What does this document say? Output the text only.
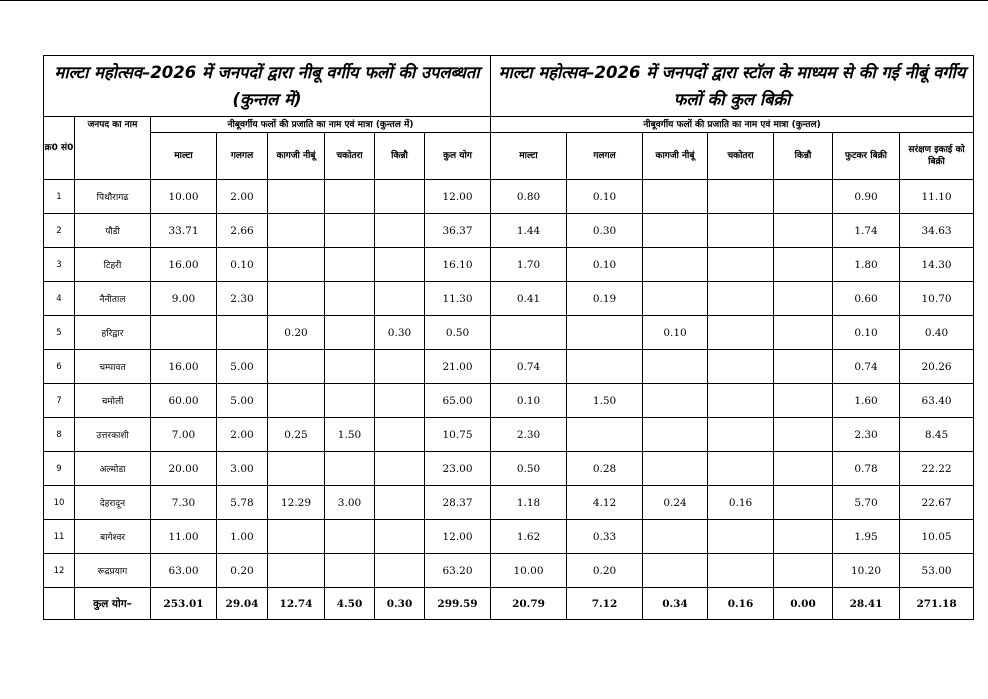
माल्टा महोत्सव–2026 में जनपदों द्वारा नीबू वर्गीय फलों की उपलब्धता (कुन्तल में)								माल्टा महोत्सव–2026 में जनपदों द्वारा स्टॉल के माध्यम से की गई नीबूं वर्गीय फलों की कुल बिक्री						
क्र0 सं0	जनपद का नाम	नीबूवर्गीय फलों की प्रजाति का नाम एवं मात्रा (कुन्तल में)						नीबूवर्गीय फलों की प्रजाति का नाम एवं मात्रा (कुन्तल)						
		माल्टा	गलगल	कागजी नीबूं	चकोतरा	किन्नौ	कुल योग	माल्टा	गलगल	कागजी नीबूं	चकोतरा	किन्नौ	फुटकर बिक्री	सरंक्षण इकाई को बिक्री
1	पिथौरागढ	10.00	2.00				12.00	0.80	0.10				0.90	11.10
2	पौडी	33.71	2.66				36.37	1.44	0.30				1.74	34.63
3	टिहरी	16.00	0.10				16.10	1.70	0.10				1.80	14.30
4	नैनीताल	9.00	2.30				11.30	0.41	0.19				0.60	10.70
5	हरिद्वार			0.20		0.30	0.50			0.10			0.10	0.40
6	चम्पावत	16.00	5.00				21.00	0.74					0.74	20.26
7	चमोली	60.00	5.00				65.00	0.10	1.50				1.60	63.40
8	उत्तरकाशी	7.00	2.00	0.25	1.50		10.75	2.30					2.30	8.45
9	अल्मोडा	20.00	3.00				23.00	0.50	0.28				0.78	22.22
10	देहरादून	7.30	5.78	12.29	3.00		28.37	1.18	4.12	0.24	0.16		5.70	22.67
11	बागेश्वर	11.00	1.00				12.00	1.62	0.33				1.95	10.05
12	रूद्रप्रयाग	63.00	0.20				63.20	10.00	0.20				10.20	53.00
	कुल योग–	253.01	29.04	12.74	4.50	0.30	299.59	20.79	7.12	0.34	0.16	0.00	28.41	271.18
